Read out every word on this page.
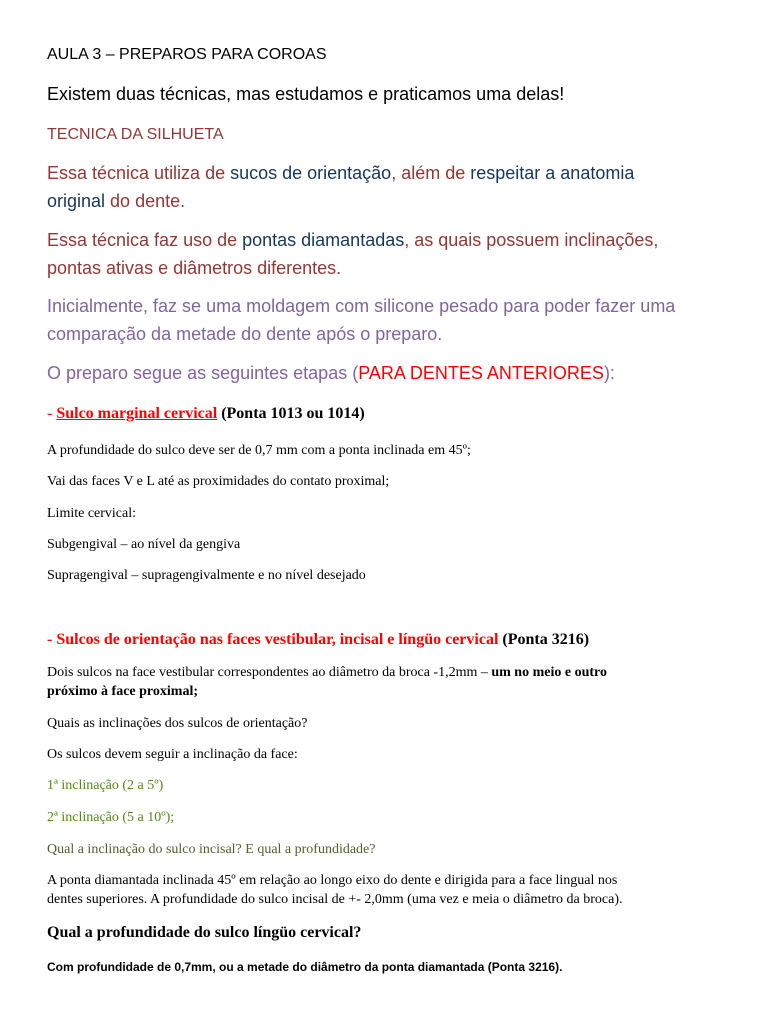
AULA 3 – PREPAROS PARA COROAS

Existem duas técnicas, mas estudamos e praticamos uma delas!

TECNICA DA SILHUETA

Essa técnica utiliza de sucos de orientação, além de respeitar a anatomia

original do dente.

Essa técnica faz uso de pontas diamantadas, as quais possuem inclinações,

pontas ativas e diâmetros diferentes.

Inicialmente, faz se uma moldagem com silicone pesado para poder fazer uma

comparação da metade do dente após o preparo.

O preparo segue as seguintes etapas (PARA DENTES ANTERIORES):

- Sulco marginal cervical (Ponta 1013 ou 1014)

A profundidade do sulco deve ser de 0,7 mm com a ponta inclinada em 45º;

Vai das faces V e L até as proximidades do contato proximal;

Limite cervical:

Subgengival – ao nível da gengiva

Supragengival – supragengivalmente e no nível desejado

- Sulcos de orientação nas faces vestibular, incisal e língüo cervical (Ponta 3216)

Dois sulcos na face vestibular correspondentes ao diâmetro da broca -1,2mm – um no meio e outro

próximo à face proximal;

Quais as inclinações dos sulcos de orientação?

Os sulcos devem seguir a inclinação da face:

1ª inclinação (2 a 5º)

2ª inclinação (5 a 10º);

Qual a inclinação do sulco incisal? E qual a profundidade?

A ponta diamantada inclinada 45º em relação ao longo eixo do dente e dirigida para a face lingual nos

dentes superiores. A profundidade do sulco incisal de +- 2,0mm (uma vez e meia o diâmetro da broca).

Qual a profundidade do sulco língüo cervical?

Com profundidade de 0,7mm, ou a metade do diâmetro da ponta diamantada (Ponta 3216).
